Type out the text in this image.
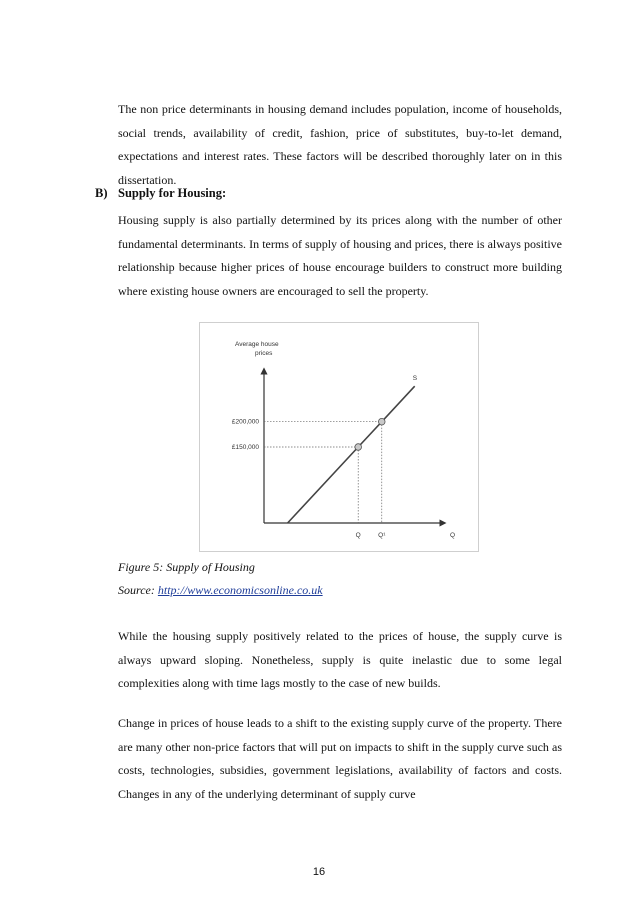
The non price determinants in housing demand includes population, income of households, social trends, availability of credit, fashion, price of substitutes, buy-to-let demand, expectations and interest rates. These factors will be described thoroughly later on in this dissertation.
B) Supply for Housing:
Housing supply is also partially determined by its prices along with the number of other fundamental determinants. In terms of supply of housing and prices, there is always positive relationship because higher prices of house encourage builders to construct more building where existing house owners are encouraged to sell the property.
Average house
prices
Q
S
£150,000
£200,000
Q	Q¹
Figure 5: Supply of Housing
Source: http://www.economicsonline.co.uk
While the housing supply positively related to the prices of house, the supply curve is always upward sloping. Nonetheless, supply is quite inelastic due to some legal complexities along with time lags mostly to the case of new builds.
Change in prices of house leads to a shift to the existing supply curve of the property. There are many other non-price factors that will put on impacts to shift in the supply curve such as costs, technologies, subsidies, government legislations, availability of factors and costs. Changes in any of the underlying determinant of supply curve
16
